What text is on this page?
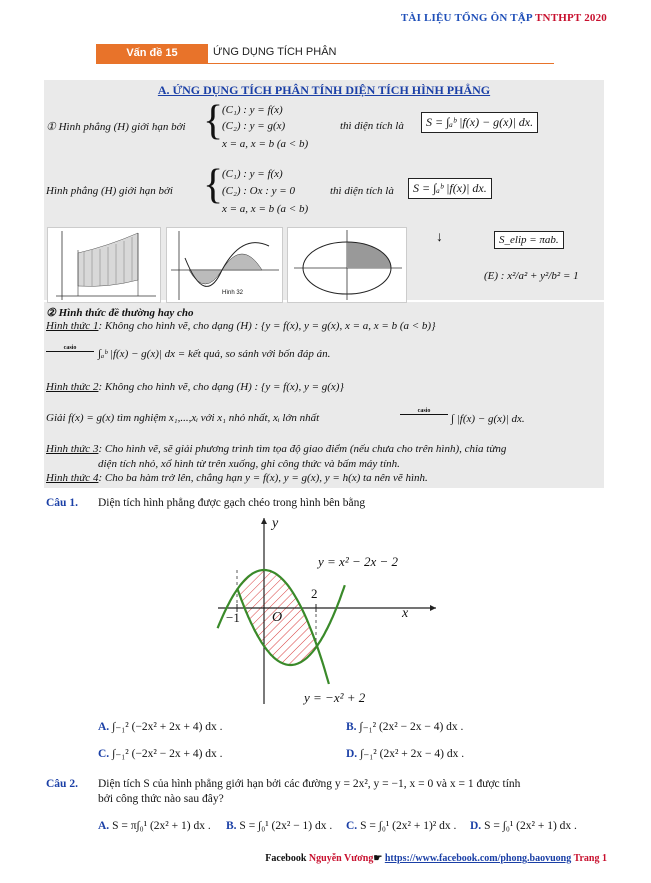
TÀI LIỆU TỔNG ÔN TẬP TNTHPT 2020
Vấn đề 15	ỨNG DỤNG TÍCH PHÂN
A. ỨNG DỤNG TÍCH PHÂN TÍNH DIỆN TÍCH HÌNH PHẲNG
① Hình phẳng (H) giới hạn bởi {
(C₁) : y = f(x)
(C₂) : y = g(x)
x = a, x = b (a < b)
thì diện tích là	S = ∫ₐᵇ |f(x) − g(x)| dx.
Hình phẳng (H) giới hạn bởi {
(C₁) : y = f(x)
(C₂) : Ox : y = 0
x = a, x = b (a < b)
thì diện tích là	S = ∫ₐᵇ |f(x)| dx.
Hình 32
↓	S_elip = πab.
(E) : x²/a² + y²/b² = 1
② Hình thức đề thường hay cho
Hình thức 1: Không cho hình vẽ, cho dạng (H) : {y = f(x), y = g(x), x = a, x = b (a < b)}
casio	∫ₐᵇ |f(x) − g(x)| dx = kết quả, so sánh với bốn đáp án.
Hình thức 2: Không cho hình vẽ, cho dạng (H) : {y = f(x), y = g(x)}
Giải f(x) = g(x) tìm nghiệm x₁,...,xᵢ với x₁ nhỏ nhất, xᵢ lớn nhất
casio
∫ |f(x) − g(x)| dx.
Hình thức 3: Cho hình vẽ, sẽ giải phương trình tìm tọa độ giao điểm (nếu chưa cho trên hình), chia từng
diện tích nhỏ, xổ hình từ trên xuống, ghi công thức và bấm máy tính.
Hình thức 4: Cho ba hàm trở lên, chẳng hạn y = f(x), y = g(x), y = h(x) ta nên vẽ hình.
Câu 1. Diện tích hình phẳng được gạch chéo trong hình bên bằng
y
x
O
−1
2
y = x² − 2x − 2
y = −x² + 2
A. ∫₋₁² (−2x² + 2x + 4) dx .	B. ∫₋₁² (2x² − 2x − 4) dx .
C. ∫₋₁² (−2x² − 2x + 4) dx .	D. ∫₋₁² (2x² + 2x − 4) dx .
Câu 2. Diện tích S của hình phẳng giới hạn bởi các đường y = 2x², y = −1, x = 0 và x = 1 được tính
bởi công thức nào sau đây?
A. S = π∫₀¹ (2x² + 1) dx . B. S = ∫₀¹ (2x² − 1) dx . C. S = ∫₀¹ (2x² + 1)² dx . D. S = ∫₀¹ (2x² + 1) dx .
Facebook Nguyễn Vương☛ https://www.facebook.com/phong.baovuong Trang 1
